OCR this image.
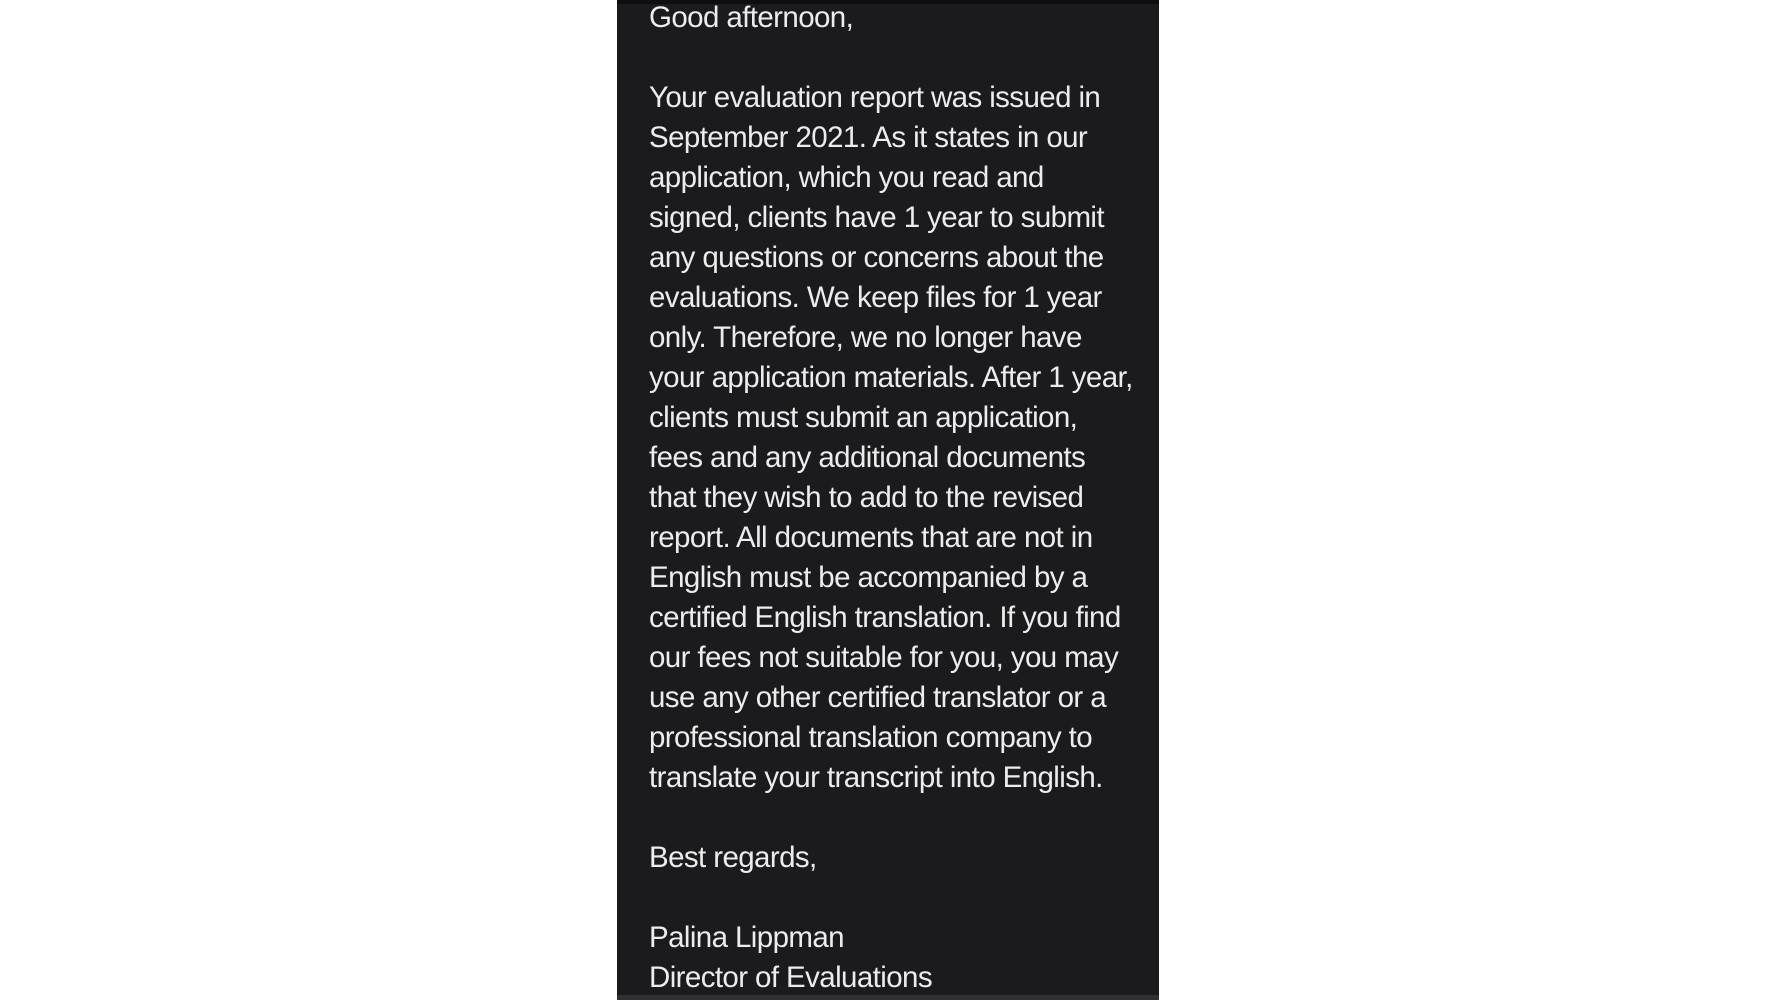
Good afternoon,
Your evaluation report was issued in
September 2021. As it states in our
application, which you read and
signed, clients have 1 year to submit
any questions or concerns about the
evaluations. We keep files for 1 year
only. Therefore, we no longer have
your application materials. After 1 year,
clients must submit an application,
fees and any additional documents
that they wish to add to the revised
report. All documents that are not in
English must be accompanied by a
certified English translation. If you find
our fees not suitable for you, you may
use any other certified translator or a
professional translation company to
translate your transcript into English.
Best regards,
Palina Lippman
Director of Evaluations
